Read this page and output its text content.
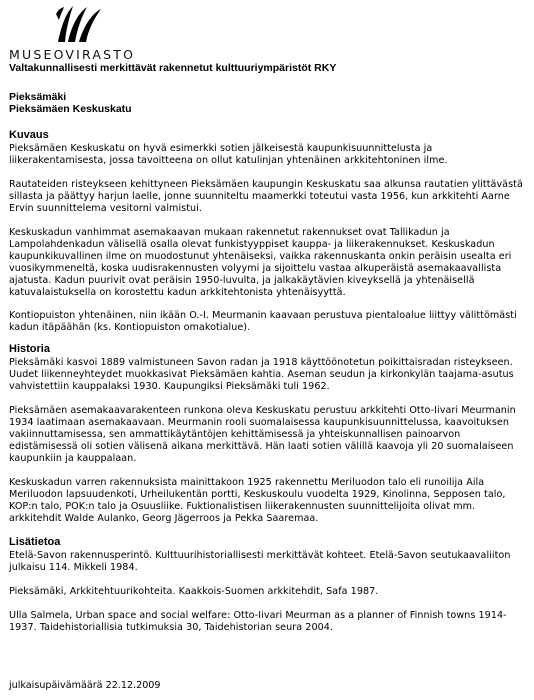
MUSEOVIRASTO

Valtakunnallisesti merkittävät rakennetut kulttuuriympäristöt RKY

Pieksämäki

Pieksämäen Keskuskatu

Kuvaus

Pieksämäen Keskuskatu on hyvä esimerkki sotien jälkeisestä kaupunkisuunnittelusta ja liikerakentamisesta, jossa tavoitteena on ollut katulinjan yhtenäinen arkkitehtoninen ilme.

Rautateiden risteykseen kehittyneen Pieksämäen kaupungin Keskuskatu saa alkunsa rautatien ylittävästä sillasta ja päättyy harjun laelle, jonne suunniteltu maamerkki toteutui vasta 1956, kun arkkitehti Aarne Ervin suunnittelema vesitorni valmistui.

Keskuskadun vanhimmat asemakaavan mukaan rakennetut rakennukset ovat Tallikadun ja Lampolahdenkadun välisellä osalla olevat funkistyyppiset kauppa- ja liikerakennukset. Keskuskadun kaupunkikuvallinen ilme on muodostunut yhtenäiseksi, vaikka rakennuskanta onkin peräisin usealta eri vuosikymmeneltä, koska uudisrakennusten volyymi ja sijoittelu vastaa alkuperäistä asemakaavallista ajatusta. Kadun puurivit ovat peräisin 1950-luvulta, ja jalkakäytävien kiveyksellä ja yhtenäisellä katuvalaistuksella on korostettu kadun arkkitehtonista yhtenäisyyttä.

Kontiopuiston yhtenäinen, niin ikään O.-I. Meurmanin kaavaan perustuva pientaloalue liittyy välittömästi kadun itäpäähän (ks. Kontiopuiston omakotialue).

Historia

Pieksämäki kasvoi 1889 valmistuneen Savon radan ja 1918 käyttöönotetun poikittaisradan risteykseen. Uudet liikenneyhteydet muokkasivat Pieksämäen kahtia. Aseman seudun ja kirkonkylän taajama-asutus vahvistettiin kauppalaksi 1930. Kaupungiksi Pieksämäki tuli 1962.

Pieksämäen asemakaavarakenteen runkona oleva Keskuskatu perustuu arkkitehti Otto-Iivari Meurmanin 1934 laatimaan asemakaavaan. Meurmanin rooli suomalaisessa kaupunkisuunnittelussa, kaavoituksen vakiinnuttamisessa, sen ammattikäytäntöjen kehittämisessä ja yhteiskunnallisen painoarvon edistämisessä oli sotien välisenä aikana merkittävä. Hän laati sotien välillä kaavoja yli 20 suomalaiseen kaupunkiin ja kauppalaan.

Keskuskadun varren rakennuksista mainittakoon 1925 rakennettu Meriluodon talo eli runoilija Aila Meriluodon lapsuudenkoti, Urheilukentän portti, Keskuskoulu vuodelta 1929, Kinolinna, Sepposen talo, KOP:n talo, POK:n talo ja Osuusliike. Fuktionalistisen liikerakennusten suunnittelijoita olivat mm. arkkitehdit Walde Aulanko, Georg Jägerroos ja Pekka Saaremaa.

Lisätietoa

Etelä-Savon rakennusperintö. Kulttuurihistoriallisesti merkittävät kohteet. Etelä-Savon seutukaavaliiton julkaisu 114. Mikkeli 1984.

Pieksämäki, Arkkitehtuurikohteita. Kaakkois-Suomen arkkitehdit, Safa 1987.

Ulla Salmela, Urban space and social welfare: Otto-Iivari Meurman as a planner of Finnish towns 1914-1937. Taidehistoriallisia tutkimuksia 30, Taidehistorian seura 2004.

julkaisupäivämäärä 22.12.2009
